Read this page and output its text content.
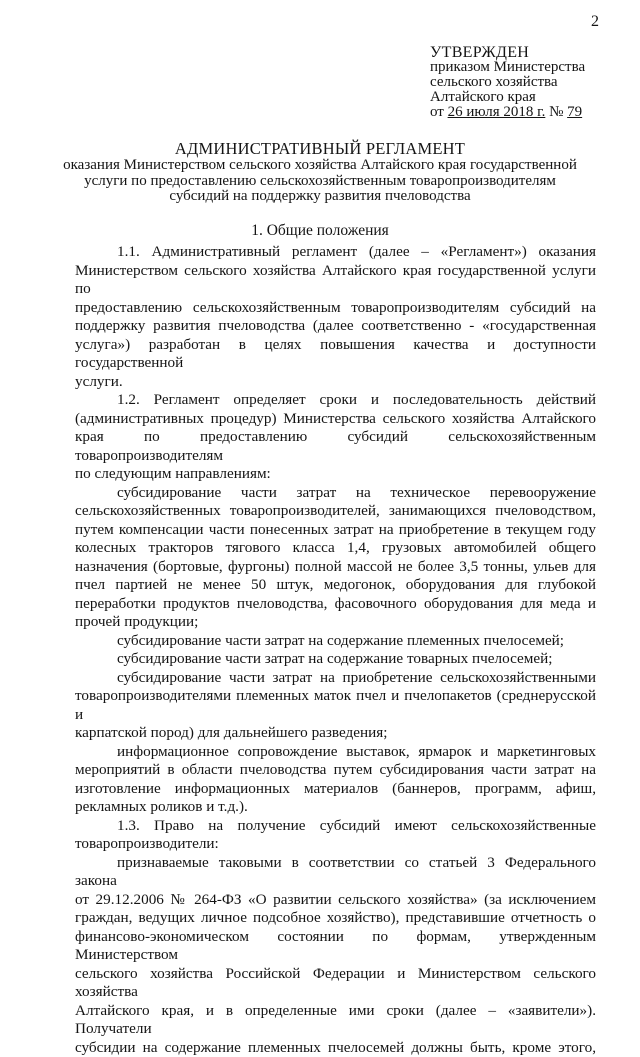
2
УТВЕРЖДЕН
приказом Министерства
сельского хозяйства
Алтайского края
от 26 июля 2018 г. № 79
АДМИНИСТРАТИВНЫЙ РЕГЛАМЕНТ
оказания Министерством сельского хозяйства Алтайского края государственной
услуги по предоставлению сельскохозяйственным товаропроизводителям
субсидий на поддержку развития пчеловодства
1. Общие положения

1.1. Административный регламент (далее – «Регламент») оказания

Министерством сельского хозяйства Алтайского края государственной услуги по

предоставлению сельскохозяйственным товаропроизводителям субсидий на

поддержку развития пчеловодства (далее соответственно - «государственная

услуга») разработан в целях повышения качества и доступности государственной

услуги.

1.2. Регламент определяет сроки и последовательность действий

(административных процедур) Министерства сельского хозяйства Алтайского

края по предоставлению субсидий сельскохозяйственным товаропроизводителям

по следующим направлениям:

субсидирование части затрат на техническое перевооружение

сельскохозяйственных товаропроизводителей, занимающихся пчеловодством,

путем компенсации части понесенных затрат на приобретение в текущем году

колесных тракторов тягового класса 1,4, грузовых автомобилей общего

назначения (бортовые, фургоны) полной массой не более 3,5 тонны, ульев для

пчел партией не менее 50 штук, медогонок, оборудования для глубокой

переработки продуктов пчеловодства, фасовочного оборудования для меда и

прочей продукции;

субсидирование части затрат на содержание племенных пчелосемей;

субсидирование части затрат на содержание товарных пчелосемей;

субсидирование части затрат на приобретение сельскохозяйственными

товаропроизводителями племенных маток пчел и пчелопакетов (среднерусской и

карпатской пород) для дальнейшего разведения;

информационное сопровождение выставок, ярмарок и маркетинговых

мероприятий в области пчеловодства путем субсидирования части затрат на

изготовление информационных материалов (баннеров, программ, афиш,

рекламных роликов и т.д.).

1.3. Право на получение субсидий имеют сельскохозяйственные

товаропроизводители:

признаваемые таковыми в соответствии со статьей 3 Федерального закона

от 29.12.2006 № 264-ФЗ «О развитии сельского хозяйства» (за исключением

граждан, ведущих личное подсобное хозяйство), представившие отчетность о

финансово-экономическом состоянии по формам, утвержденным Министерством

сельского хозяйства Российской Федерации и Министерством сельского хозяйства

Алтайского края, и в определенные ими сроки (далее – «заявители»). Получатели

субсидии на содержание племенных пчелосемей должны быть, кроме этого,
